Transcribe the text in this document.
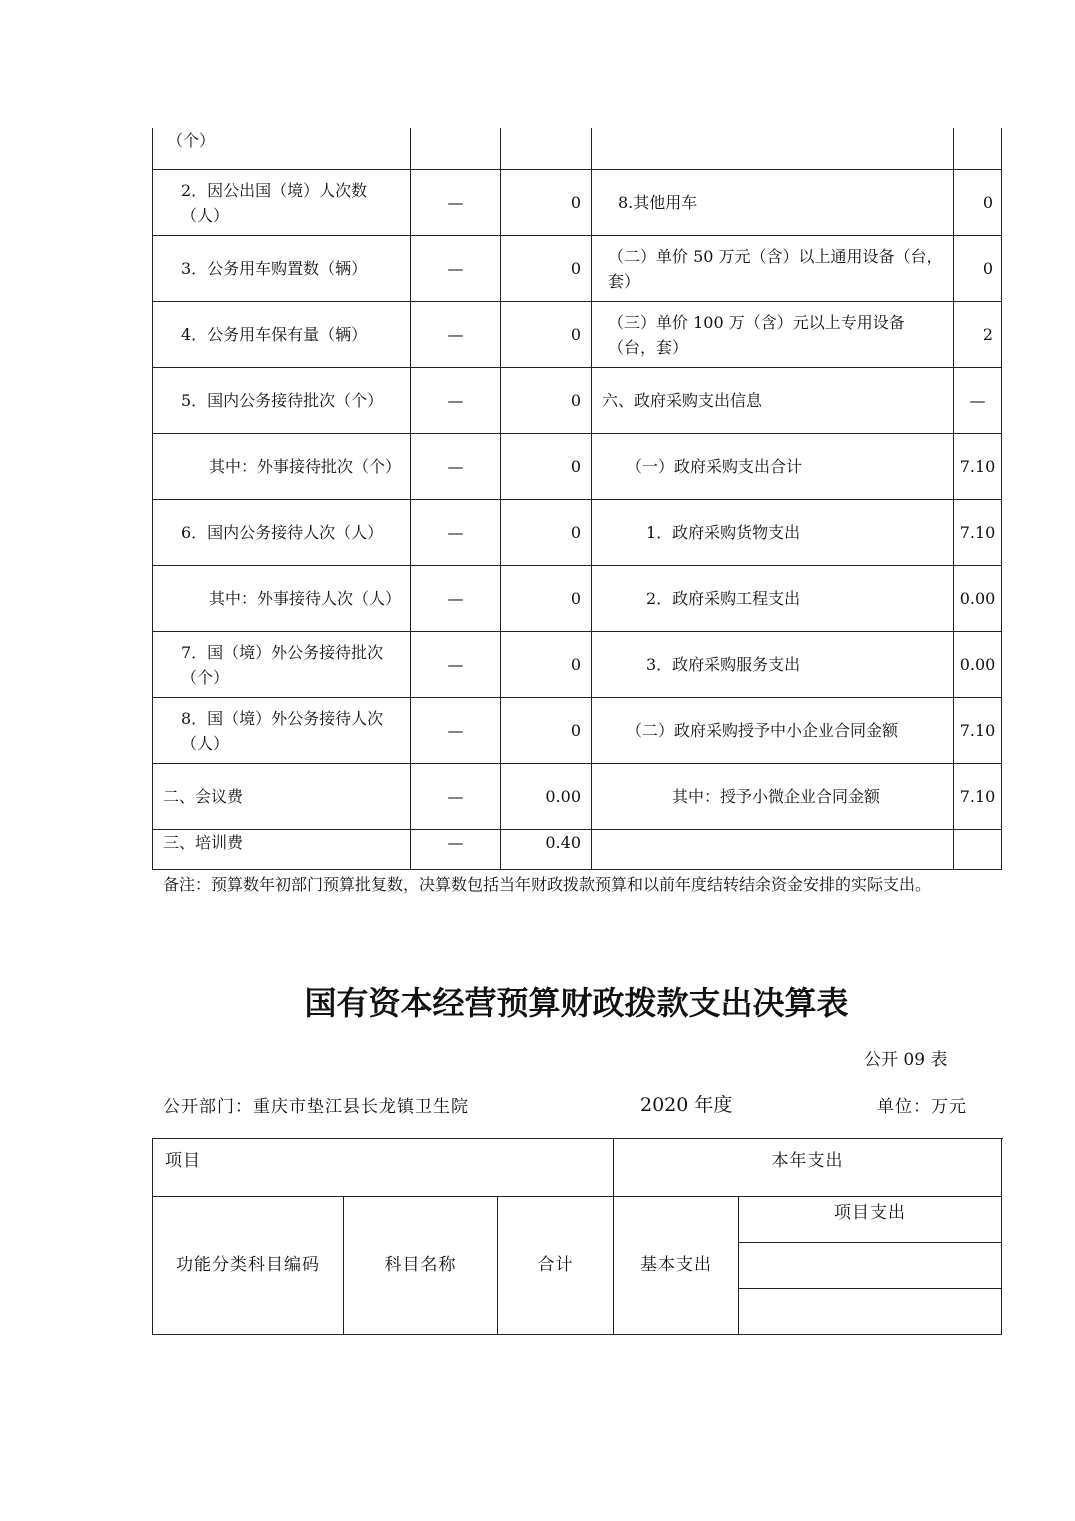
（个）				
2．因公出国（境）人次数（人）	—	0	8.其他用车	0
3．公务用车购置数（辆）	—	0	（二）单价 50 万元（含）以上通用设备（台，套）	0
4．公务用车保有量（辆）	—	0	（三）单价 100 万（含）元以上专用设备（台，套）	2
5．国内公务接待批次（个）	—	0	六、政府采购支出信息	—
其中：外事接待批次（个）	—	0	（一）政府采购支出合计	7.10
6．国内公务接待人次（人）	—	0	1．政府采购货物支出	7.10
其中：外事接待人次（人）	—	0	2．政府采购工程支出	0.00
7．国（境）外公务接待批次（个）	—	0	3．政府采购服务支出	0.00
8．国（境）外公务接待人次（人）	—	0	（二）政府采购授予中小企业合同金额	7.10
二、会议费	—	0.00	其中：授予小微企业合同金额	7.10
三、培训费	—	0.40		
备注：预算数年初部门预算批复数，决算数包括当年财政拨款预算和以前年度结转结余资金安排的实际支出。
国有资本经营预算财政拨款支出决算表
公开 09 表
公开部门：重庆市垫江县长龙镇卫生院	2020 年度	单位：万元
项目			本年支出	
功能分类科目编码	科目名称	合计	基本支出	项目支出
